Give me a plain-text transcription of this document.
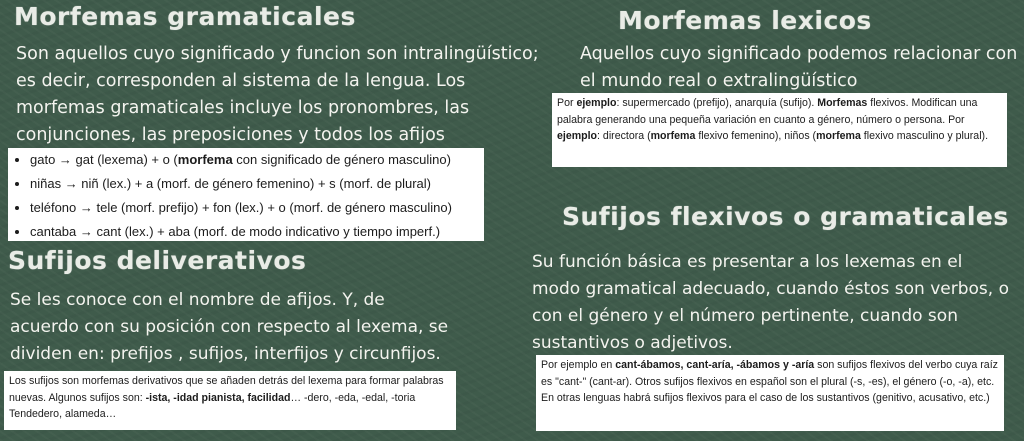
Morfemas gramaticales
Son aquellos cuyo significado y funcion son intralingüístico; es decir, corresponden al sistema de la lengua. Los morfemas gramaticales incluye los pronombres, las conjunciones, las preposiciones y todos los afijos
• gato → gat (lexema) + o (morfema con significado de género masculino)
• niñas → niñ (lex.) + a (morf. de género femenino) + s (morf. de plural)
• teléfono → tele (morf. prefijo) + fon (lex.) + o (morf. de género masculino)
• cantaba → cant (lex.) + aba (morf. de modo indicativo y tiempo imperf.)
Morfemas lexicos
Aquellos cuyo significado podemos relacionar con el mundo real o extralingüístico
Por ejemplo: supermercado (prefijo), anarquía (sufijo). Morfemas flexivos. Modifican una palabra generando una pequeña variación en cuanto a género, número o persona. Por ejemplo: directora (morfema flexivo femenino), niños (morfema flexivo masculino y plural).
Sufijos deliverativos
Se les conoce con el nombre de afijos. Y, de acuerdo con su posición con respecto al lexema, se dividen en: prefijos , sufijos, interfijos y circunfijos.
Los sufijos son morfemas derivativos que se añaden detrás del lexema para formar palabras nuevas. Algunos sufijos son: -ista, -idad pianista, facilidad… -dero, -eda, -edal, -toria Tendedero, alameda…
Sufijos flexivos o gramaticales
Su función básica es presentar a los lexemas en el modo gramatical adecuado, cuando éstos son verbos, o con el género y el número pertinente, cuando son sustantivos o adjetivos.
Por ejemplo en cant-ábamos, cant-aría, -ábamos y -aría son sufijos flexivos del verbo cuya raíz es "cant-" (cant-ar). Otros sufijos flexivos en español son el plural (-s, -es), el género (-o, -a), etc. En otras lenguas habrá sufijos flexivos para el caso de los sustantivos (genitivo, acusativo, etc.)
